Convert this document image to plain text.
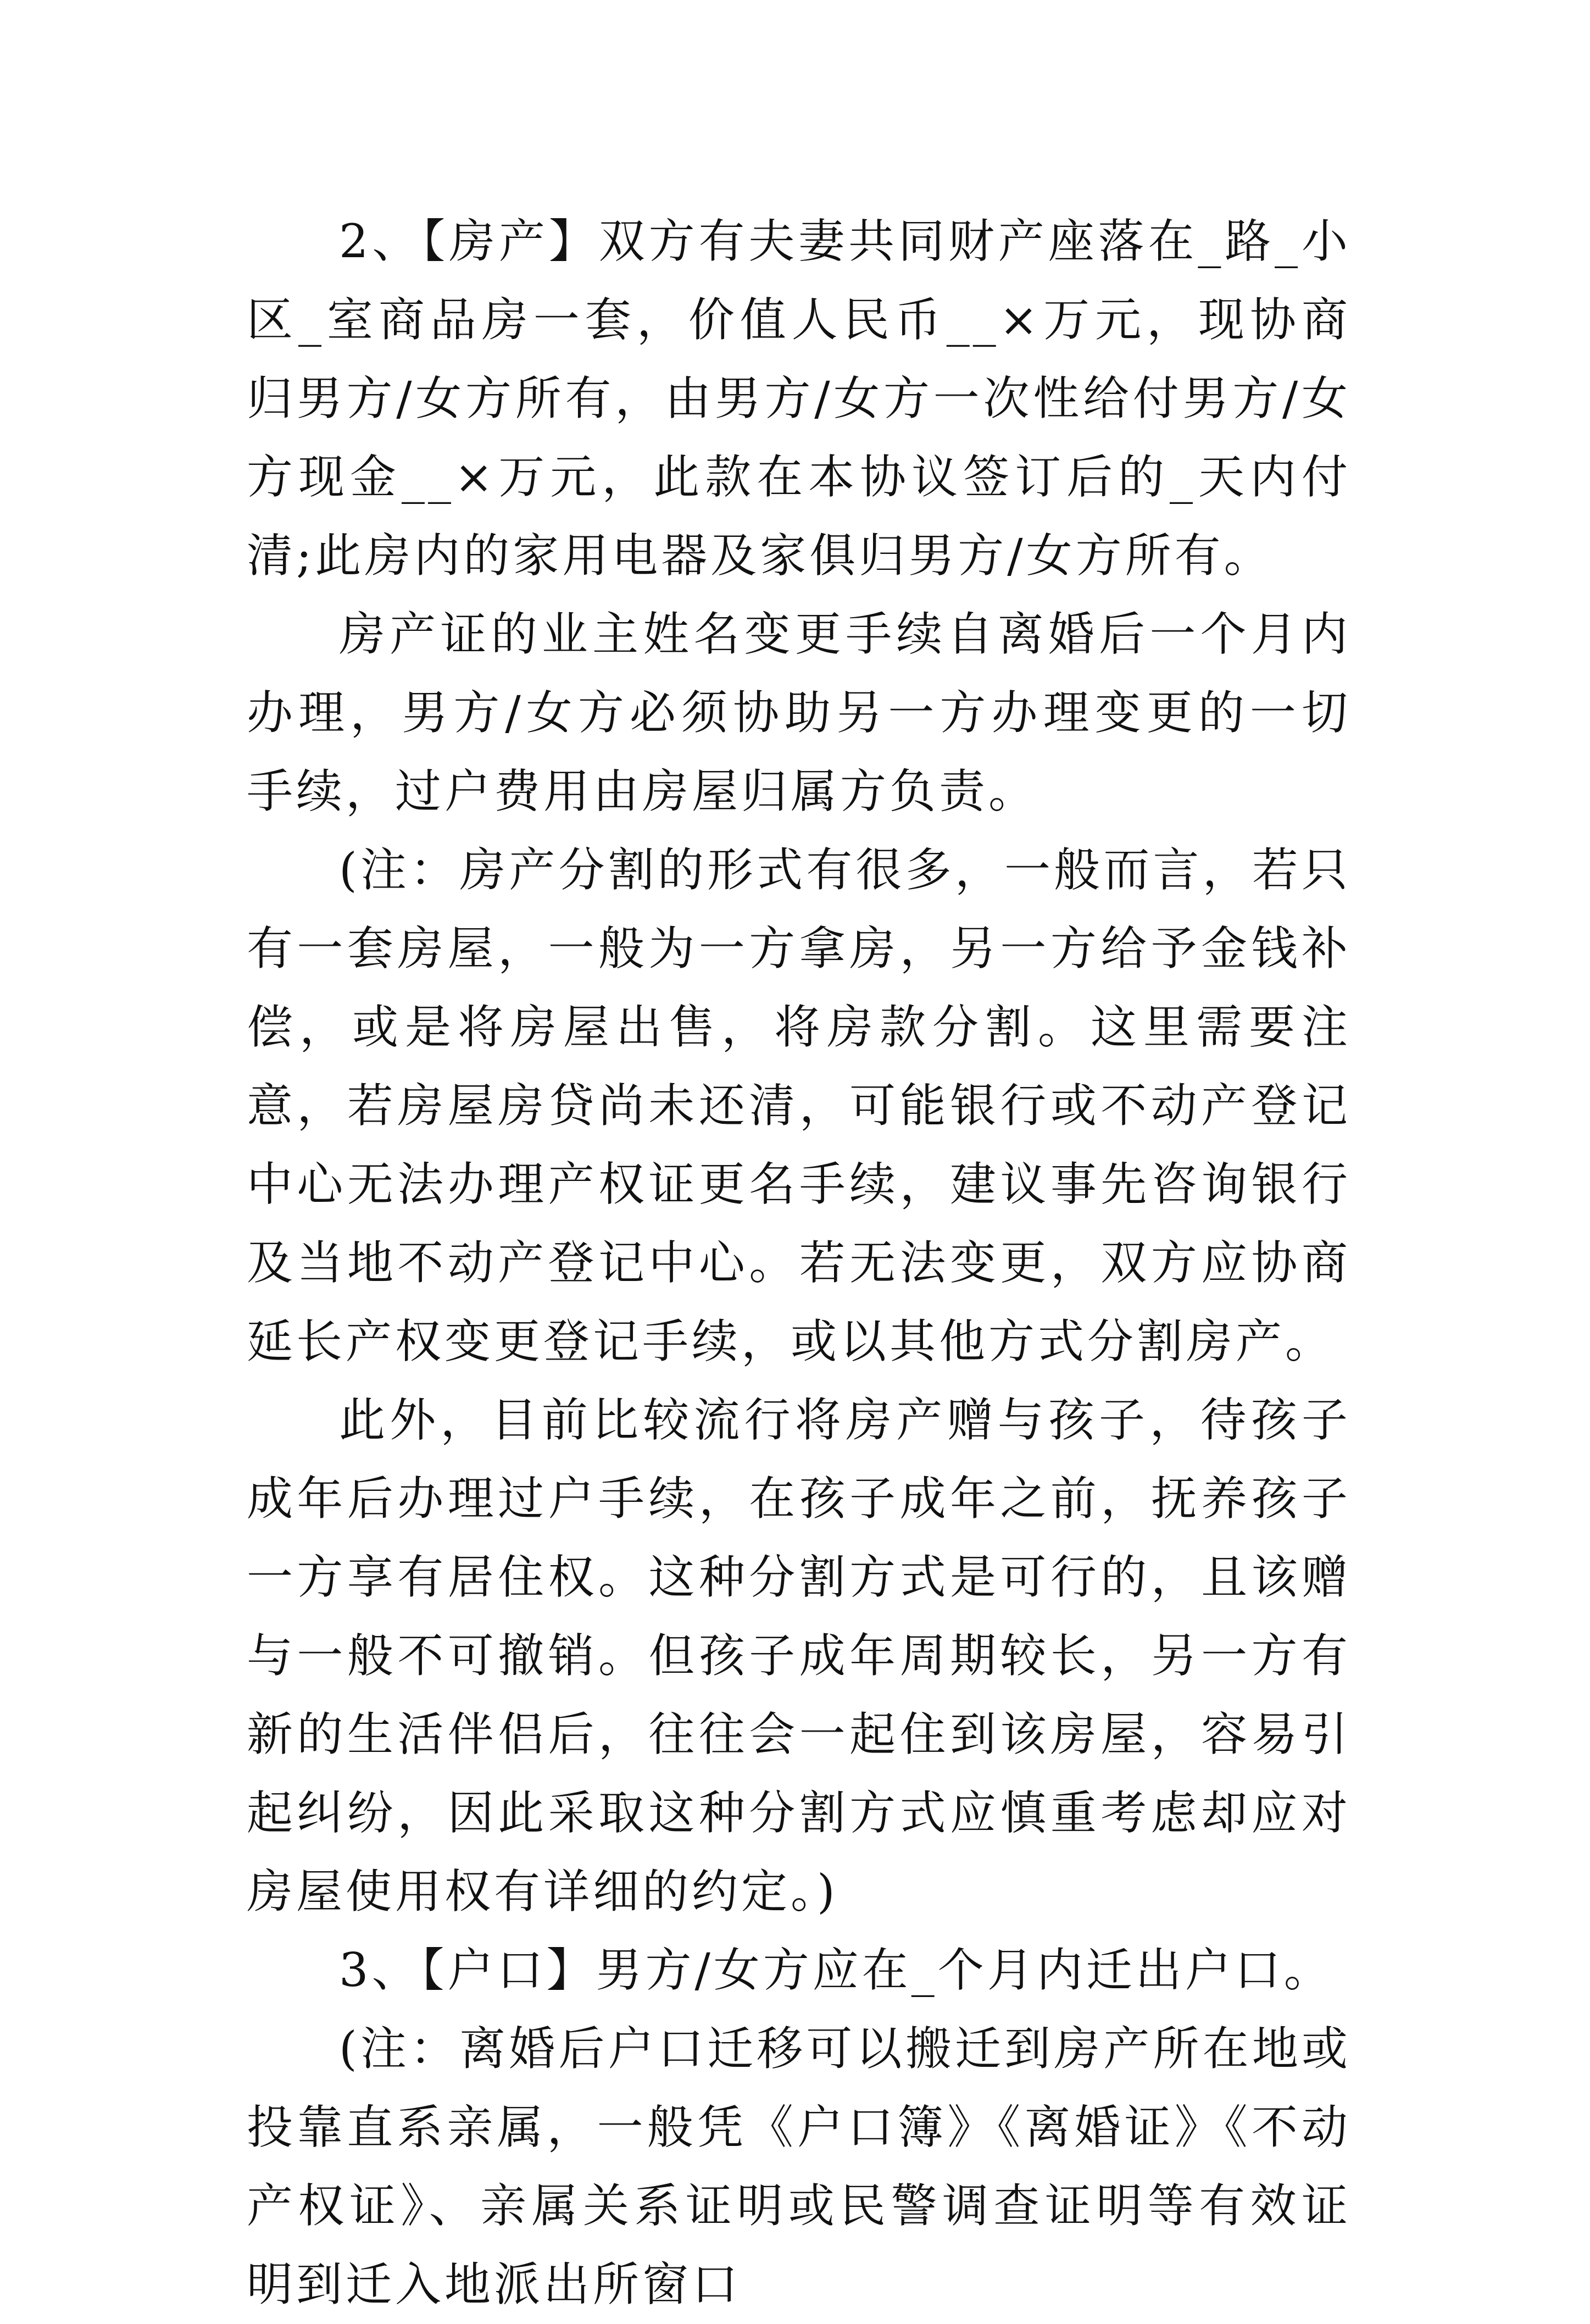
2、【房产】双方有夫妻共同财产座落在_路_小区_室商品房一套，价值人民币__×万元，现协商归男方/女方所有，由男方/女方一次性给付男方/女方现金__×万元，此款在本协议签订后的_天内付清;此房内的家用电器及家俱归男方/女方所有。

房产证的业主姓名变更手续自离婚后一个月内办理，男方/女方必须协助另一方办理变更的一切手续，过户费用由房屋归属方负责。

(注：房产分割的形式有很多，一般而言，若只有一套房屋，一般为一方拿房，另一方给予金钱补偿，或是将房屋出售，将房款分割。这里需要注意，若房屋房贷尚未还清，可能银行或不动产登记中心无法办理产权证更名手续，建议事先咨询银行及当地不动产登记中心。若无法变更，双方应协商延长产权变更登记手续，或以其他方式分割房产。

此外，目前比较流行将房产赠与孩子，待孩子成年后办理过户手续，在孩子成年之前，抚养孩子一方享有居住权。这种分割方式是可行的，且该赠与一般不可撤销。但孩子成年周期较长，另一方有新的生活伴侣后，往往会一起住到该房屋，容易引起纠纷，因此采取这种分割方式应慎重考虑却应对房屋使用权有详细的约定。)

3、【户口】男方/女方应在_个月内迁出户口。

(注：离婚后户口迁移可以搬迁到房产所在地或投靠直系亲属，一般凭《户口簿》《离婚证》《不动产权证》、亲属关系证明或民警调查证明等有效证明到迁入地派出所窗口
